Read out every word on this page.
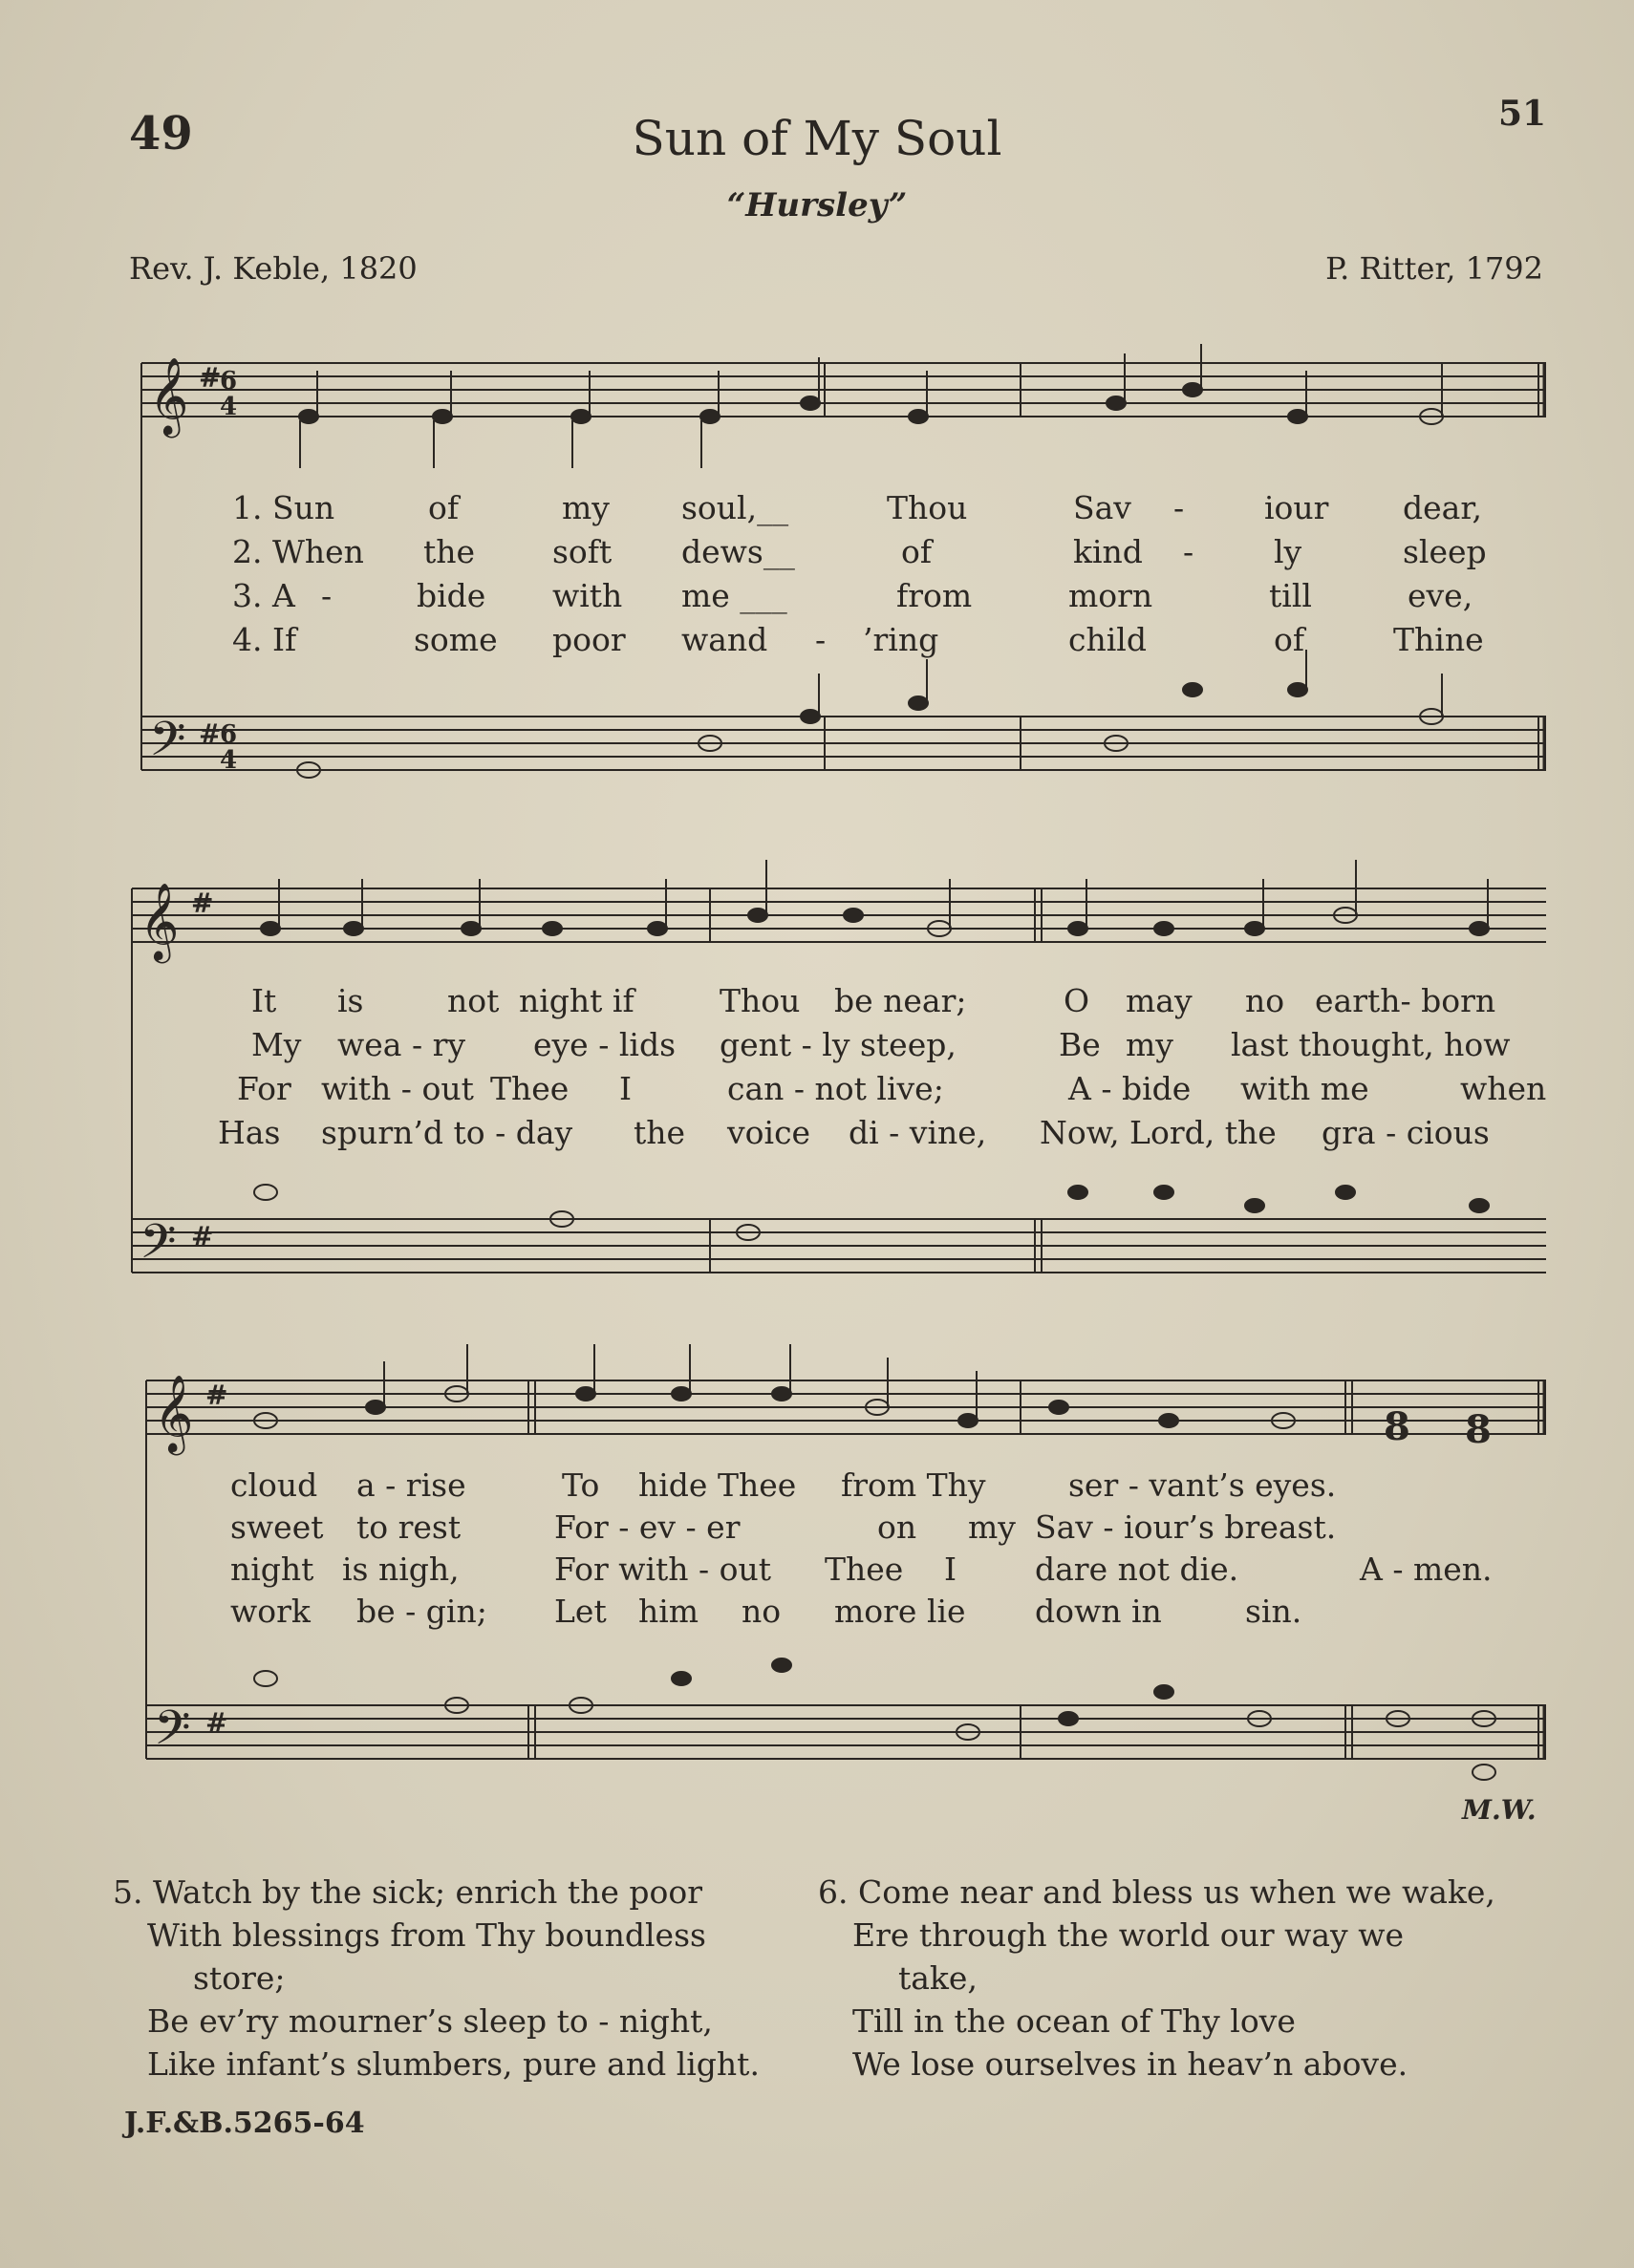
49	51
Sun of My Soul
“Hursley”
Rev. J. Keble, 1820	P. Ritter, 1792
𝄞
𝄢
#
#
6
4
6
4
1. Sun	of	my soul,__	Thou	Sav -	iour dear,
2. When the soft dews__	of	kind -	ly	sleep
3. A -	bide with me ___	from	morn	till	eve,
4. If	some poor wand - ’ring	child	of	Thine
𝄞
𝄢
#
#
It is	not night if	Thou be near;	O may no earth- born
My wea - ry eye - lids gent - ly steep,	Be my last thought, how
For with - out Thee I	can - not live;	A - bide with me	when
Has spurn’d to - day the voice di - vine, Now, Lord, the gra - cious
𝄞
𝄢
#
#
8 8
cloud a - rise	To hide Thee from Thy	ser - vant’s eyes.
sweet to rest	For - ev - er	on my Sav - iour’s breast.
night is nigh,	For with - out Thee I dare not die.	A - men.
work be - gin; Let him no more lie down in	sin.
M.W.
5. Watch by the sick; enrich the poor
With blessings from Thy boundless
store;
Be ev’ry mourner’s sleep to - night,
Like infant’s slumbers, pure and light.
6. Come near and bless us when we wake,
Ere through the world our way we
take,
Till in the ocean of Thy love
We lose ourselves in heav’n above.
J.F.&B.5265-64
